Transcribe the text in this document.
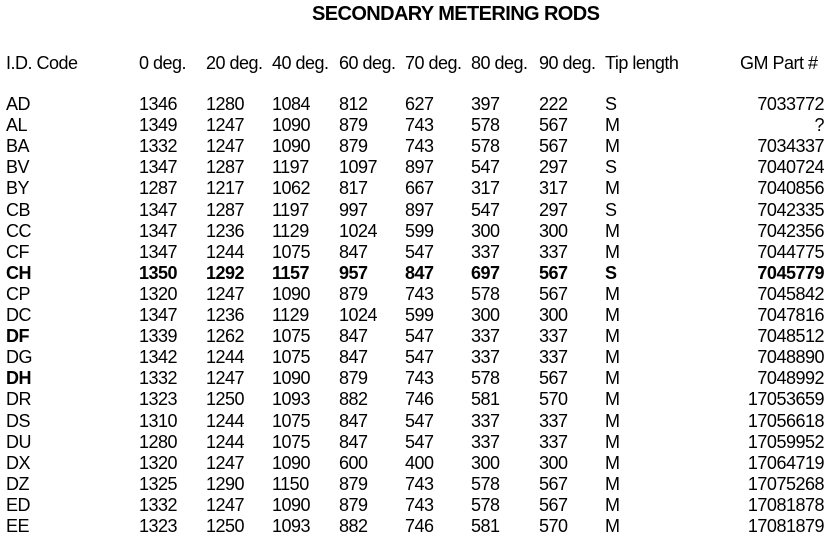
SECONDARY METERING RODS
I.D. Code	0 deg. 20 deg. 40 deg. 60 deg. 70 deg. 80 deg. 90 deg. Tip length	GM Part #
AD	1346 1280 1084 812 627 397 222 S	7033772
AL	1349 1247 1090 879 743 578 567 M	?
BA	1332 1247 1090 879 743 578 567 M	7034337
BV	1347 1287 1197 1097 897 547 297 S	7040724
BY	1287 1217 1062 817 667 317 317 M	7040856
CB	1347 1287 1197 997 897 547 297 S	7042335
CC	1347 1236 1129 1024 599 300 300 M	7042356
CF	1347 1244 1075 847 547 337 337 M	7044775
CH	1350 1292 1157 957 847 697 567 S	7045779
CP	1320 1247 1090 879 743 578 567 M	7045842
DC	1347 1236 1129 1024 599 300 300 M	7047816
DF	1339 1262 1075 847 547 337 337 M	7048512
DG	1342 1244 1075 847 547 337 337 M	7048890
DH	1332 1247 1090 879 743 578 567 M	7048992
DR	1323 1250 1093 882 746 581 570 M	17053659
DS	1310 1244 1075 847 547 337 337 M	17056618
DU	1280 1244 1075 847 547 337 337 M	17059952
DX	1320 1247 1090 600 400 300 300 M	17064719
DZ	1325 1290 1150 879 743 578 567 M	17075268
ED	1332 1247 1090 879 743 578 567 M	17081878
EE	1323 1250 1093 882 746 581 570 M	17081879
